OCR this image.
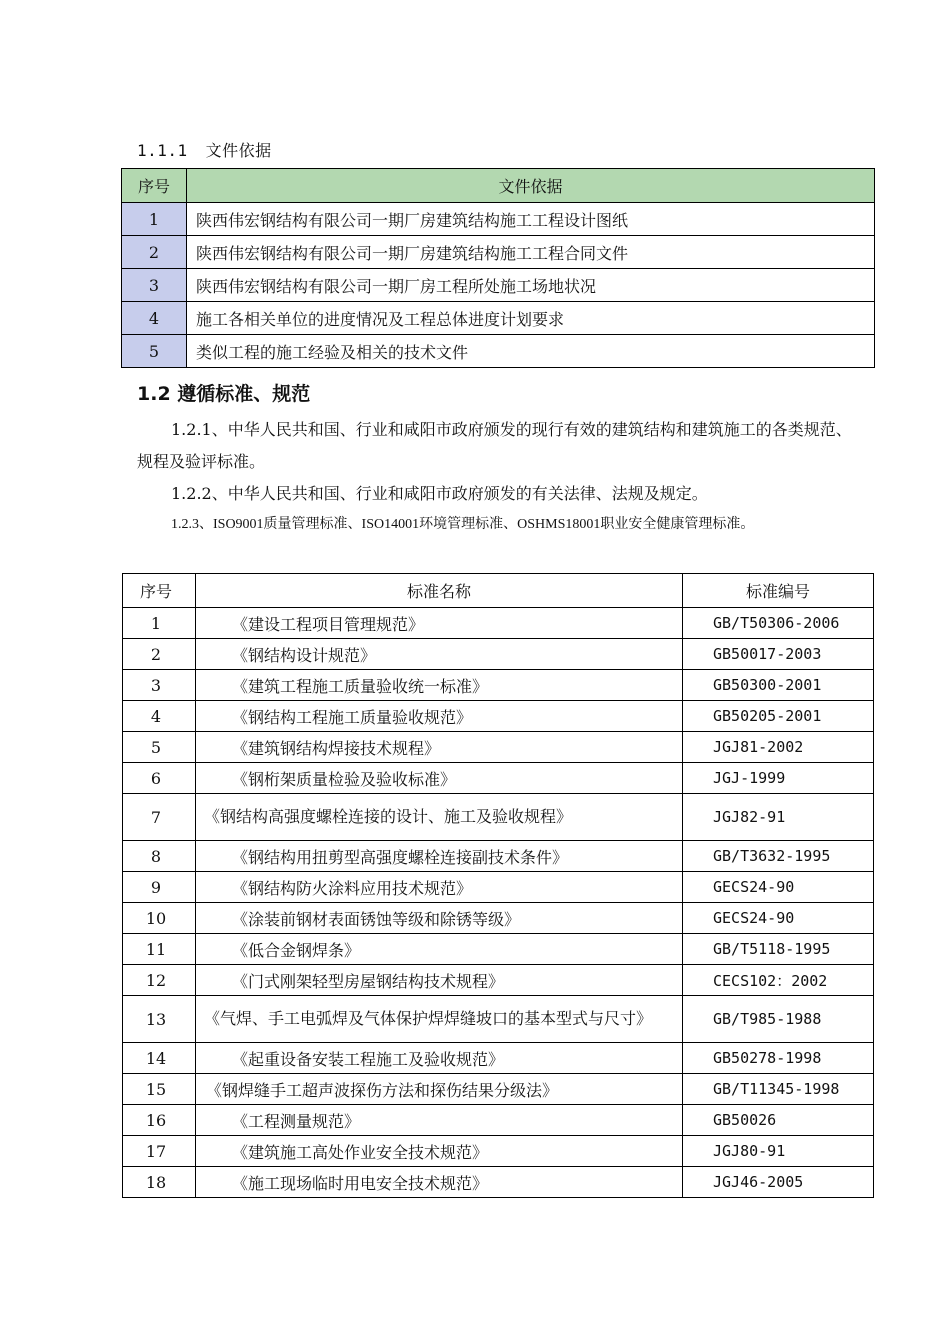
1.1.1 文件依据
序号	文件依据
1	陕西伟宏钢结构有限公司一期厂房建筑结构施工工程设计图纸
2	陕西伟宏钢结构有限公司一期厂房建筑结构施工工程合同文件
3	陕西伟宏钢结构有限公司一期厂房工程所处施工场地状况
4	施工各相关单位的进度情况及工程总体进度计划要求
5	类似工程的施工经验及相关的技术文件
1.2 遵循标准、规范
1.2.1、中华人民共和国、行业和咸阳市政府颁发的现行有效的建筑结构和建筑施工的各类规范、规程及验评标准。
1.2.2、中华人民共和国、行业和咸阳市政府颁发的有关法律、法规及规定。
1.2.3、ISO9001质量管理标准、ISO14001环境管理标准、OSHMS18001职业安全健康管理标准。
序号	标准名称	标准编号
1	《建设工程项目管理规范》	GB/T50306-2006
2	《钢结构设计规范》	GB50017-2003
3	《建筑工程施工质量验收统一标准》	GB50300-2001
4	《钢结构工程施工质量验收规范》	GB50205-2001
5	《建筑钢结构焊接技术规程》	JGJ81-2002
6	《钢桁架质量检验及验收标准》	JGJ-1999
7	《钢结构高强度螺栓连接的设计、施工及验收规程》	JGJ82-91
8	《钢结构用扭剪型高强度螺栓连接副技术条件》	GB/T3632-1995
9	《钢结构防火涂料应用技术规范》	GECS24-90
10	《涂装前钢材表面锈蚀等级和除锈等级》	GECS24-90
11	《低合金钢焊条》	GB/T5118-1995
12	《门式刚架轻型房屋钢结构技术规程》	CECS102：2002
13	《气焊、手工电弧焊及气体保护焊焊缝坡口的基本型式与尺寸》	GB/T985-1988
14	《起重设备安装工程施工及验收规范》	GB50278-1998
15	《钢焊缝手工超声波探伤方法和探伤结果分级法》	GB/T11345-1998
16	《工程测量规范》	GB50026
17	《建筑施工高处作业安全技术规范》	JGJ80-91
18	《施工现场临时用电安全技术规范》	JGJ46-2005
